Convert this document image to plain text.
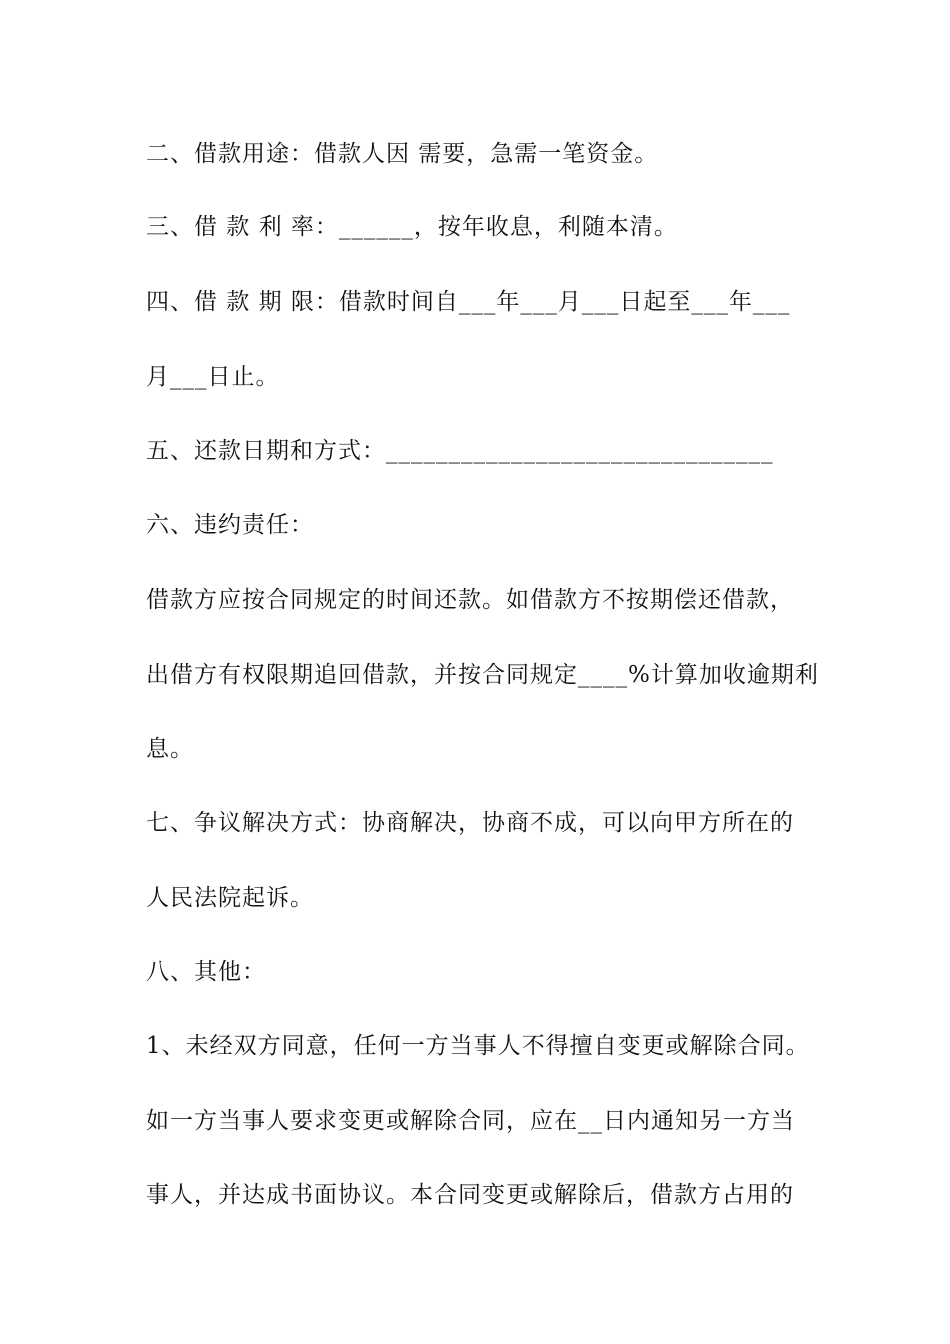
二、借款用途：借款人因 需要，急需一笔资金。
三、借 款 利 率：______，按年收息，利随本清。
四、借 款 期 限：借款时间自___年___月___日起至___年___
月___日止。
五、还款日期和方式：_______________________________
六、违约责任：
借款方应按合同规定的时间还款。如借款方不按期偿还借款，
出借方有权限期追回借款，并按合同规定____%计算加收逾期利
息。
七、争议解决方式：协商解决，协商不成，可以向甲方所在的
人民法院起诉。
八、其他：
1、未经双方同意，任何一方当事人不得擅自变更或解除合同。
如一方当事人要求变更或解除合同，应在__日内通知另一方当
事人，并达成书面协议。本合同变更或解除后，借款方占用的
